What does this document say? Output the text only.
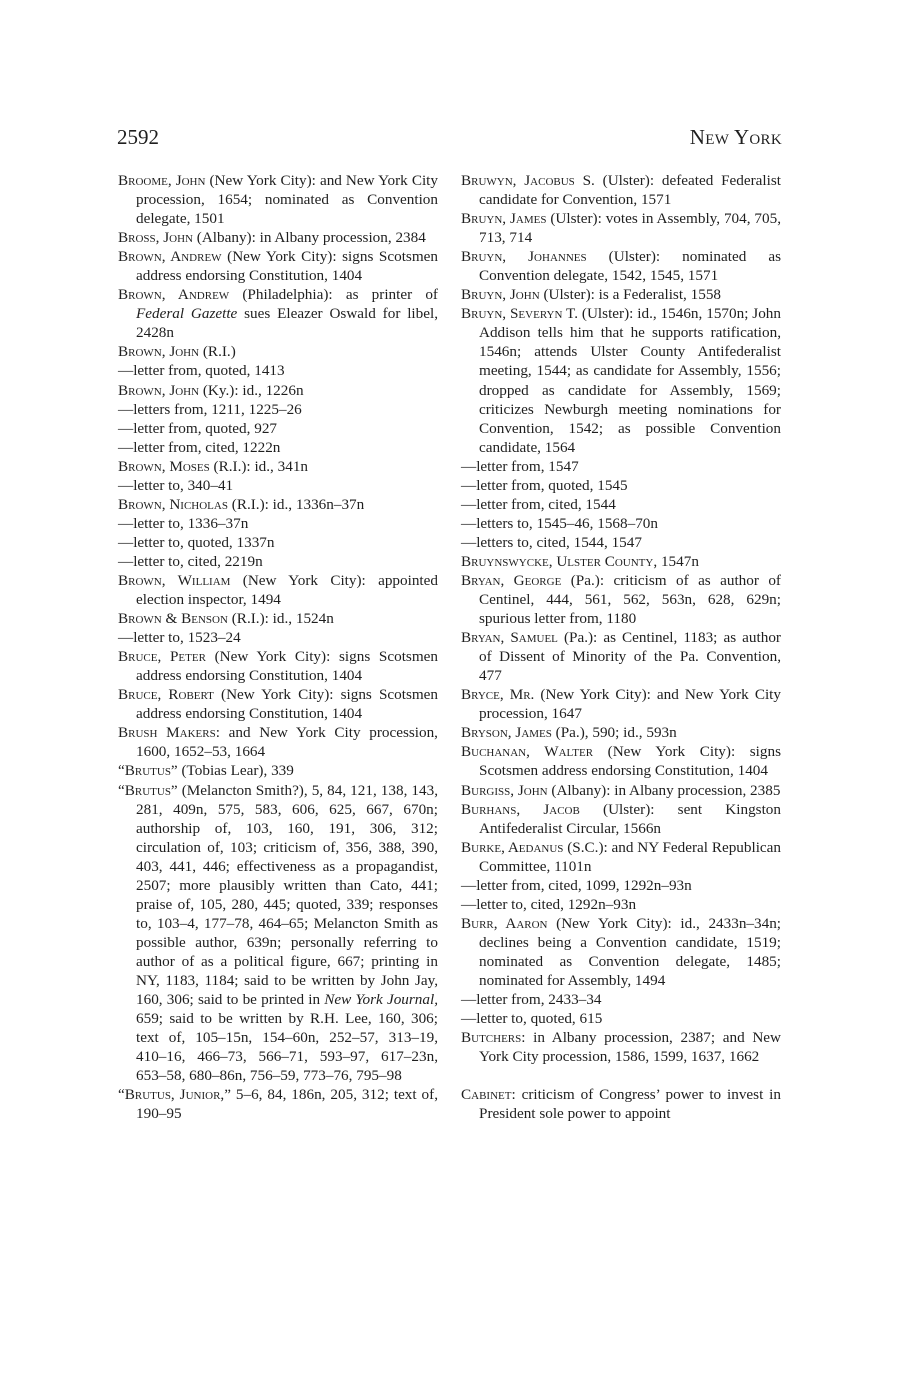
2592	New York
Broome, John (New York City): and New York City procession, 1654; nominated as Convention delegate, 1501
Bross, John (Albany): in Albany procession, 2384
Brown, Andrew (New York City): signs Scotsmen address endorsing Constitution, 1404
Brown, Andrew (Philadelphia): as printer of Federal Gazette sues Eleazer Oswald for libel, 2428n
Brown, John (R.I.)
—letter from, quoted, 1413
Brown, John (Ky.): id., 1226n
—letters from, 1211, 1225–26
—letter from, quoted, 927
—letter from, cited, 1222n
Brown, Moses (R.I.): id., 341n
—letter to, 340–41
Brown, Nicholas (R.I.): id., 1336n–37n
—letter to, 1336–37n
—letter to, quoted, 1337n
—letter to, cited, 2219n
Brown, William (New York City): appointed election inspector, 1494
Brown & Benson (R.I.): id., 1524n
—letter to, 1523–24
Bruce, Peter (New York City): signs Scotsmen address endorsing Constitution, 1404
Bruce, Robert (New York City): signs Scotsmen address endorsing Constitution, 1404
Brush Makers: and New York City procession, 1600, 1652–53, 1664
“Brutus” (Tobias Lear), 339
“Brutus” (Melancton Smith?), 5, 84, 121, 138, 143, 281, 409n, 575, 583, 606, 625, 667, 670n; authorship of, 103, 160, 191, 306, 312; circulation of, 103; criticism of, 356, 388, 390, 403, 441, 446; effectiveness as a propagandist, 2507; more plausibly written than Cato, 441; praise of, 105, 280, 445; quoted, 339; responses to, 103–4, 177–78, 464–65; Melancton Smith as possible author, 639n; personally referring to author of as a political figure, 667; printing in NY, 1183, 1184; said to be written by John Jay, 160, 306; said to be printed in New York Journal, 659; said to be written by R.H. Lee, 160, 306; text of, 105–15n, 154–60n, 252–57, 313–19, 410–16, 466–73, 566–71, 593–97, 617–23n, 653–58, 680–86n, 756–59, 773–76, 795–98
“Brutus, Junior,” 5–6, 84, 186n, 205, 312; text of, 190–95
Bruwyn, Jacobus S. (Ulster): defeated Federalist candidate for Convention, 1571
Bruyn, James (Ulster): votes in Assembly, 704, 705, 713, 714
Bruyn, Johannes (Ulster): nominated as Convention delegate, 1542, 1545, 1571
Bruyn, John (Ulster): is a Federalist, 1558
Bruyn, Severyn T. (Ulster): id., 1546n, 1570n; John Addison tells him that he supports ratification, 1546n; attends Ulster County Antifederalist meeting, 1544; as candidate for Assembly, 1556; dropped as candidate for Assembly, 1569; criticizes Newburgh meeting nominations for Convention, 1542; as possible Convention candidate, 1564
—letter from, 1547
—letter from, quoted, 1545
—letter from, cited, 1544
—letters to, 1545–46, 1568–70n
—letters to, cited, 1544, 1547
Bruynswycke, Ulster County, 1547n
Bryan, George (Pa.): criticism of as author of Centinel, 444, 561, 562, 563n, 628, 629n; spurious letter from, 1180
Bryan, Samuel (Pa.): as Centinel, 1183; as author of Dissent of Minority of the Pa. Convention, 477
Bryce, Mr. (New York City): and New York City procession, 1647
Bryson, James (Pa.), 590; id., 593n
Buchanan, Walter (New York City): signs Scotsmen address endorsing Constitution, 1404
Burgiss, John (Albany): in Albany procession, 2385
Burhans, Jacob (Ulster): sent Kingston Antifederalist Circular, 1566n
Burke, Aedanus (S.C.): and NY Federal Republican Committee, 1101n
—letter from, cited, 1099, 1292n–93n
—letter to, cited, 1292n–93n
Burr, Aaron (New York City): id., 2433n–34n; declines being a Convention candidate, 1519; nominated as Convention delegate, 1485; nominated for Assembly, 1494
—letter from, 2433–34
—letter to, quoted, 615
Butchers: in Albany procession, 2387; and New York City procession, 1586, 1599, 1637, 1662
Cabinet: criticism of Congress’ power to invest in President sole power to appoint
